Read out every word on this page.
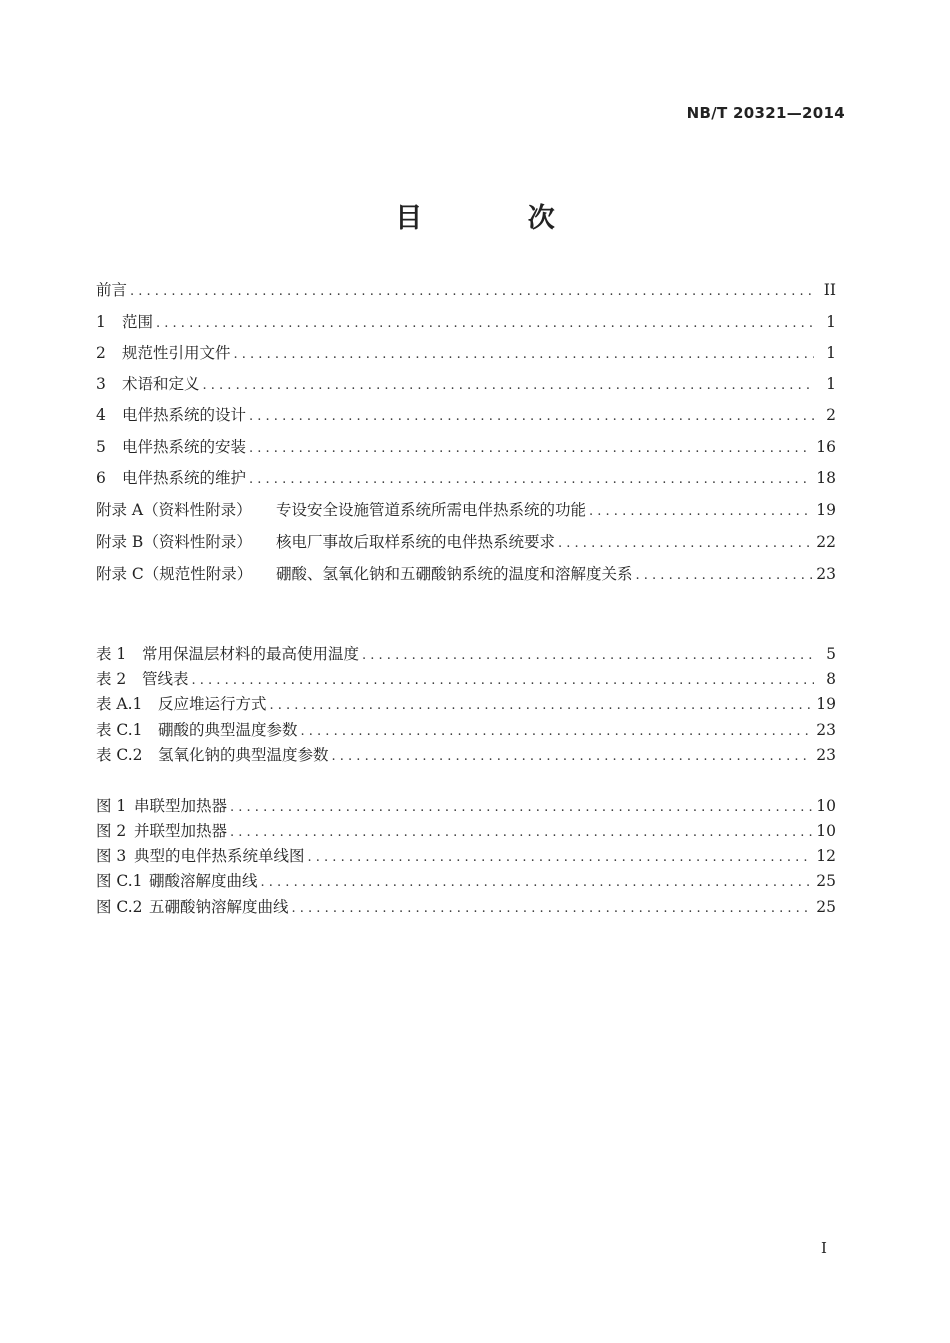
NB/T 20321—2014
目 次
前言 . . .	II
1	范围 . . .	1
2	规范性引用文件 . . .	1
3	术语和定义 . . .	1
4	电伴热系统的设计 . . .	2
5	电伴热系统的安装 . . .	16
6	电伴热系统的维护 . . .	18
附录 A（资料性附录）	专设安全设施管道系统所需电伴热系统的功能 . . .	19
附录 B（资料性附录）	核电厂事故后取样系统的电伴热系统要求 . . .	22
附录 C（规范性附录）	硼酸、氢氧化钠和五硼酸钠系统的温度和溶解度关系 . . .	23
表 1	常用保温层材料的最高使用温度 . . .	5
表 2	管线表 . . .	8
表 A.1	反应堆运行方式 . . .	19
表 C.1 硼酸的典型温度参数 . . .	23
表 C.2 氢氧化钠的典型温度参数 . . .	23
图 1 串联型加热器 . . .	10
图 2 并联型加热器 . . .	10
图 3 典型的电伴热系统单线图 . . .	12
图 C.1 硼酸溶解度曲线 . . .	25
图 C.2 五硼酸钠溶解度曲线 . . .	25
I
